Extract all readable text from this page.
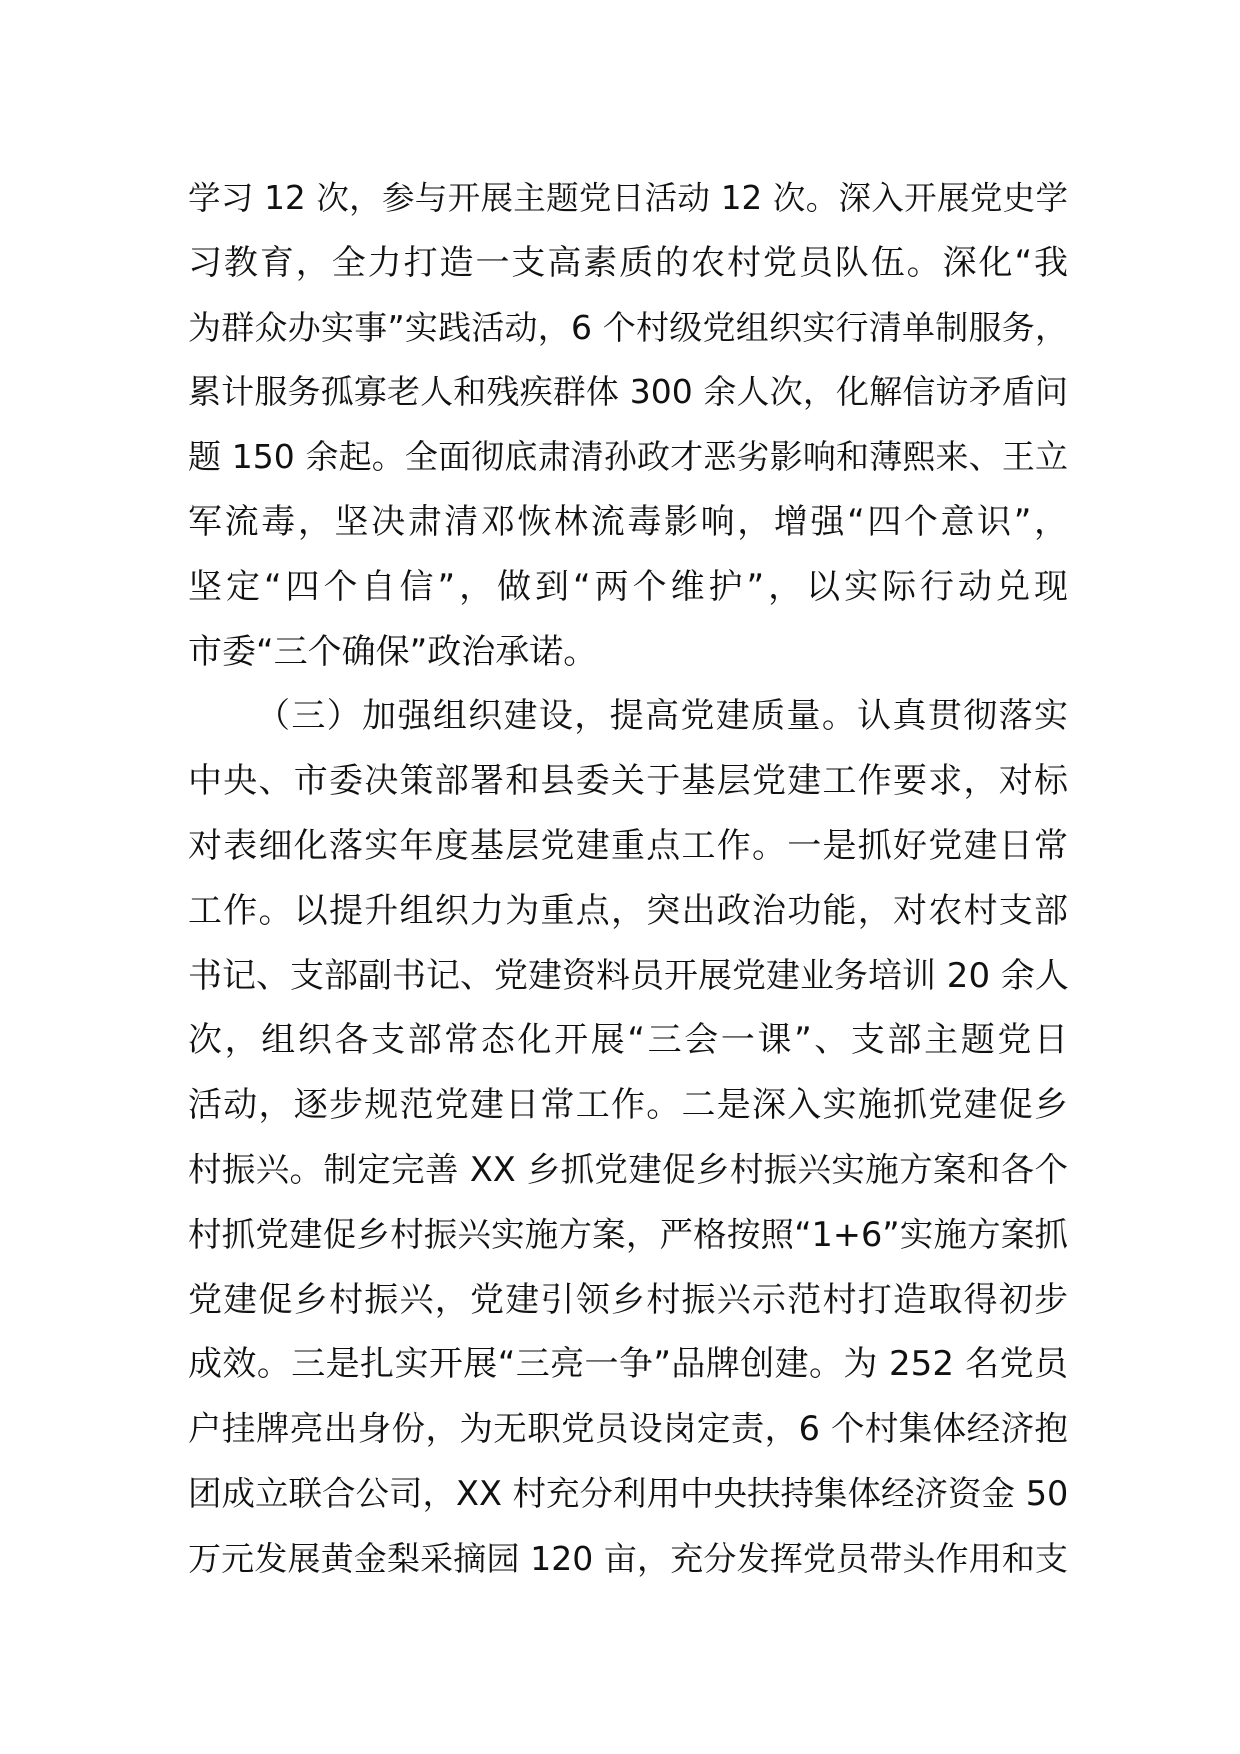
学习 12 次，参与开展主题党日活动 12 次。深入开展党史学
习教育，全力打造一支高素质的农村党员队伍。深化“我
为群众办实事”实践活动，6 个村级党组织实行清单制服务，
累计服务孤寡老人和残疾群体 300 余人次，化解信访矛盾问
题 150 余起。全面彻底肃清孙政才恶劣影响和薄熙来、王立
军流毒，坚决肃清邓恢林流毒影响，增强“四个意识”，
坚定“四个自信”，做到“两个维护”，以实际行动兑现
市委“三个确保”政治承诺。
（三）加强组织建设，提高党建质量。认真贯彻落实
中央、市委决策部署和县委关于基层党建工作要求，对标
对表细化落实年度基层党建重点工作。一是抓好党建日常
工作。以提升组织力为重点，突出政治功能，对农村支部
书记、支部副书记、党建资料员开展党建业务培训 20 余人
次，组织各支部常态化开展“三会一课”、支部主题党日
活动，逐步规范党建日常工作。二是深入实施抓党建促乡
村振兴。制定完善 XX 乡抓党建促乡村振兴实施方案和各个
村抓党建促乡村振兴实施方案，严格按照“1+6”实施方案抓
党建促乡村振兴，党建引领乡村振兴示范村打造取得初步
成效。三是扎实开展“三亮一争”品牌创建。为 252 名党员
户挂牌亮出身份，为无职党员设岗定责，6 个村集体经济抱
团成立联合公司，XX 村充分利用中央扶持集体经济资金 50
万元发展黄金梨采摘园 120 亩，充分发挥党员带头作用和支
